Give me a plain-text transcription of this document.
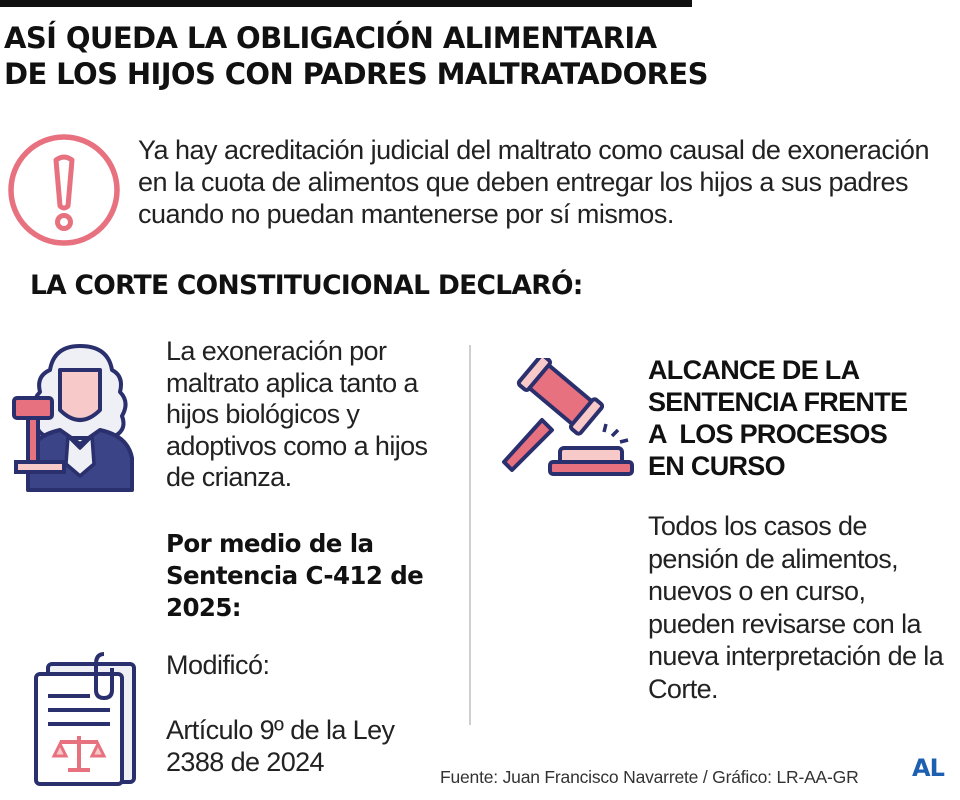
ASÍ QUEDA LA OBLIGACIÓN ALIMENTARIA
DE LOS HIJOS CON PADRES MALTRATADORES

Ya hay acreditación judicial del maltrato como causal de exoneración en la cuota de alimentos que deben entregar los hijos a sus padres cuando no puedan mantenerse por sí mismos.

LA CORTE CONSTITUCIONAL DECLARÓ:

La exoneración por maltrato aplica tanto a hijos biológicos y adoptivos como a hijos de crianza.

Por medio de la Sentencia C-412 de 2025:

Modificó:

Artículo 9º de la Ley 2388 de 2024

ALCANCE DE LA
SENTENCIA FRENTE
A  LOS PROCESOS
EN CURSO

Todos los casos de pensión de alimentos, nuevos o en curso, pueden revisarse con la nueva interpretación de la Corte.

Fuente: Juan Francisco Navarrete / Gráfico: LR-AA-GR AL
